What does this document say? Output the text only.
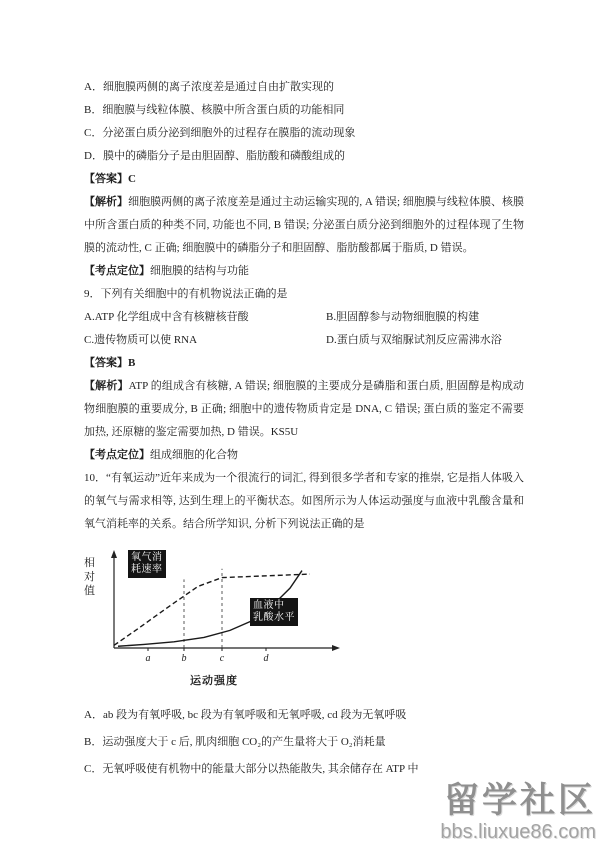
A．细胞膜两侧的离子浓度差是通过自由扩散实现的

B．细胞膜与线粒体膜、核膜中所含蛋白质的功能相同

C．分泌蛋白质分泌到细胞外的过程存在膜脂的流动现象

D．膜中的磷脂分子是由胆固醇、脂肪酸和磷酸组成的

【答案】C

【解析】细胞膜两侧的离子浓度差是通过主动运输实现的, A 错误; 细胞膜与线粒体膜、核膜中所含蛋白质的种类不同, 功能也不同, B 错误; 分泌蛋白质分泌到细胞外的过程体现了生物膜的流动性, C 正确; 细胞膜中的磷脂分子和胆固醇、脂肪酸都属于脂质, D 错误。

【考点定位】细胞膜的结构与功能

9．下列有关细胞中的有机物说法正确的是

A.ATP 化学组成中含有核糖核苷酸	B.胆固醇参与动物细胞膜的构建
C.遗传物质可以使 RNA	D.蛋白质与双缩脲试剂反应需沸水浴

【答案】B

【解析】ATP 的组成含有核糖, A 错误; 细胞膜的主要成分是磷脂和蛋白质, 胆固醇是构成动物细胞膜的重要成分, B 正确; 细胞中的遗传物质肯定是 DNA, C 错误; 蛋白质的鉴定不需要加热, 还原糖的鉴定需要加热, D 错误。KS5U

【考点定位】组成细胞的化合物

10．“有氧运动”近年来成为一个很流行的词汇, 得到很多学者和专家的推崇, 它是指人体吸入的氧气与需求相等, 达到生理上的平衡状态。如图所示为人体运动强度与血液中乳酸含量和氧气消耗率的关系。结合所学知识, 分析下列说法正确的是

相对值
a	b	c	d
氧气消
耗速率
血液中
乳酸水平
运动强度

A．ab 段为有氧呼吸, bc 段为有氧呼吸和无氧呼吸, cd 段为无氧呼吸

B．运动强度大于 c 后, 肌肉细胞 CO₂的产生量将大于 O₂消耗量

C．无氧呼吸使有机物中的能量大部分以热能散失, 其余储存在 ATP 中

留学社区
bbs.liuxue86.com
